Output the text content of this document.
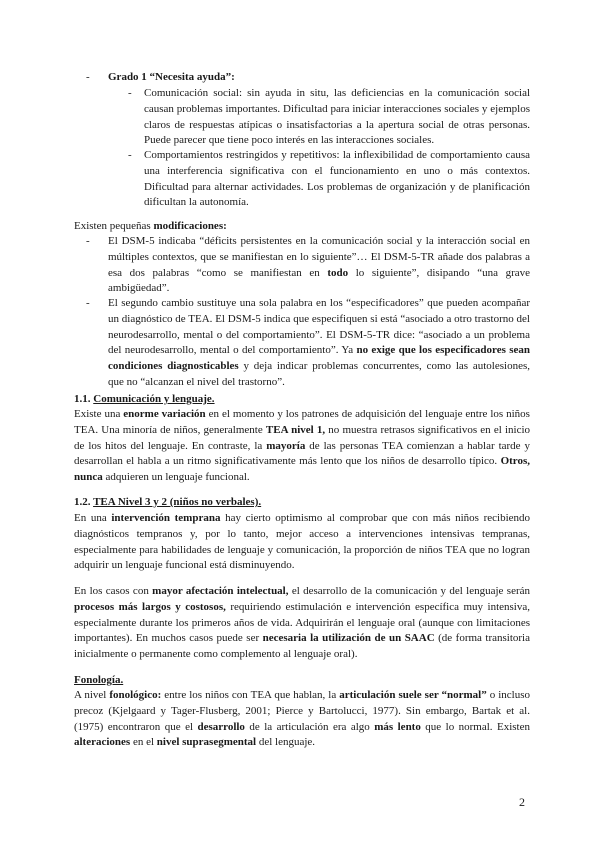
- Grado 1 “Necesita ayuda”:
- Comunicación social: sin ayuda in situ, las deficiencias en la comunicación social causan problemas importantes. Dificultad para iniciar interacciones sociales y ejemplos claros de respuestas atípicas o insatisfactorias a la apertura social de otras personas. Puede parecer que tiene poco interés en las interacciones sociales.
- Comportamientos restringidos y repetitivos: la inflexibilidad de comportamiento causa una interferencia significativa con el funcionamiento en uno o más contextos. Dificultad para alternar actividades. Los problemas de organización y de planificación dificultan la autonomía.

Existen pequeñas modificaciones:

- El DSM-5 indicaba “déficits persistentes en la comunicación social y la interacción social en múltiples contextos, que se manifiestan en lo siguiente”… El DSM-5-TR añade dos palabras a esa dos palabras “como se manifiestan en todo lo siguiente”, disipando “una grave ambigüedad”.
- El segundo cambio sustituye una sola palabra en los “especificadores” que pueden acompañar un diagnóstico de TEA. El DSM-5 indica que especifiquen si está “asociado a otro trastorno del neurodesarrollo, mental o del comportamiento”. El DSM-5-TR dice: “asociado a un problema del neurodesarrollo, mental o del comportamiento”. Ya no exige que los especificadores sean condiciones diagnosticables y deja indicar problemas concurrentes, como las autolesiones, que no “alcanzan el nivel del trastorno”.

1.1. Comunicación y lenguaje.

Existe una enorme variación en el momento y los patrones de adquisición del lenguaje entre los niños TEA. Una minoría de niños, generalmente TEA nivel 1, no muestra retrasos significativos en el inicio de los hitos del lenguaje. En contraste, la mayoría de las personas TEA comienzan a hablar tarde y desarrollan el habla a un ritmo significativamente más lento que los niños de desarrollo típico. Otros, nunca adquieren un lenguaje funcional.

1.2. TEA Nivel 3 y 2 (niños no verbales).

En una intervención temprana hay cierto optimismo al comprobar que con más niños recibiendo diagnósticos tempranos y, por lo tanto, mejor acceso a intervenciones intensivas tempranas, especialmente para habilidades de lenguaje y comunicación, la proporción de niños TEA que no logran adquirir un lenguaje funcional está disminuyendo.

En los casos con mayor afectación intelectual, el desarrollo de la comunicación y del lenguaje serán procesos más largos y costosos, requiriendo estimulación e intervención específica muy intensiva, especialmente durante los primeros años de vida. Adquirirán el lenguaje oral (aunque con limitaciones importantes). En muchos casos puede ser necesaria la utilización de un SAAC (de forma transitoria inicialmente o permanente como complemento al lenguaje oral).

Fonología.

A nivel fonológico: entre los niños con TEA que hablan, la articulación suele ser “normal” o incluso precoz (Kjelgaard y Tager-Flusberg, 2001; Pierce y Bartolucci, 1977). Sin embargo, Bartak et al. (1975) encontraron que el desarrollo de la articulación era algo más lento que lo normal. Existen alteraciones en el nivel suprasegmental del lenguaje.

2
